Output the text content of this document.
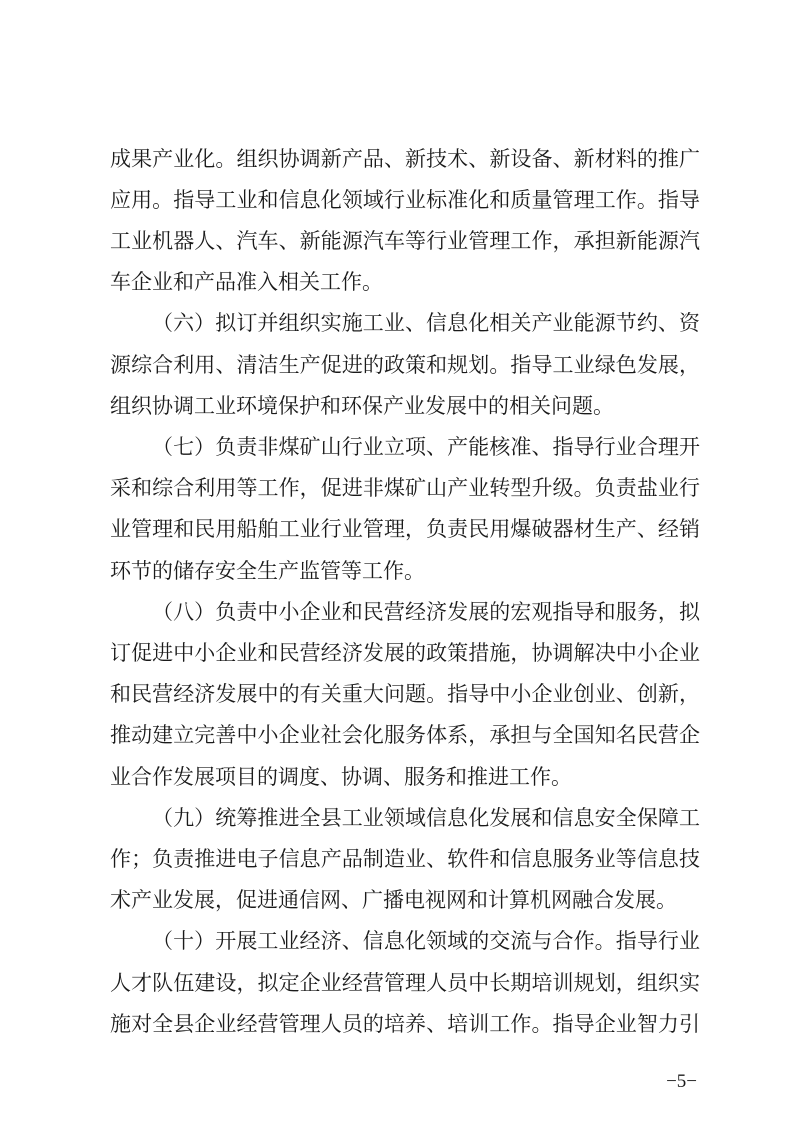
成果产业化。组织协调新产品、新技术、新设备、新材料的推广
应用。指导工业和信息化领域行业标准化和质量管理工作。指导
工业机器人、汽车、新能源汽车等行业管理工作，承担新能源汽
车企业和产品准入相关工作。
（六）拟订并组织实施工业、信息化相关产业能源节约、资
源综合利用、清洁生产促进的政策和规划。指导工业绿色发展，
组织协调工业环境保护和环保产业发展中的相关问题。
（七）负责非煤矿山行业立项、产能核准、指导行业合理开
采和综合利用等工作，促进非煤矿山产业转型升级。负责盐业行
业管理和民用船舶工业行业管理，负责民用爆破器材生产、经销
环节的储存安全生产监管等工作。
（八）负责中小企业和民营经济发展的宏观指导和服务，拟
订促进中小企业和民营经济发展的政策措施，协调解决中小企业
和民营经济发展中的有关重大问题。指导中小企业创业、创新，
推动建立完善中小企业社会化服务体系，承担与全国知名民营企
业合作发展项目的调度、协调、服务和推进工作。
（九）统筹推进全县工业领域信息化发展和信息安全保障工
作；负责推进电子信息产品制造业、软件和信息服务业等信息技
术产业发展，促进通信网、广播电视网和计算机网融合发展。
（十）开展工业经济、信息化领域的交流与合作。指导行业
人才队伍建设，拟定企业经营管理人员中长期培训规划，组织实
施对全县企业经营管理人员的培养、培训工作。指导企业智力引
−5−
